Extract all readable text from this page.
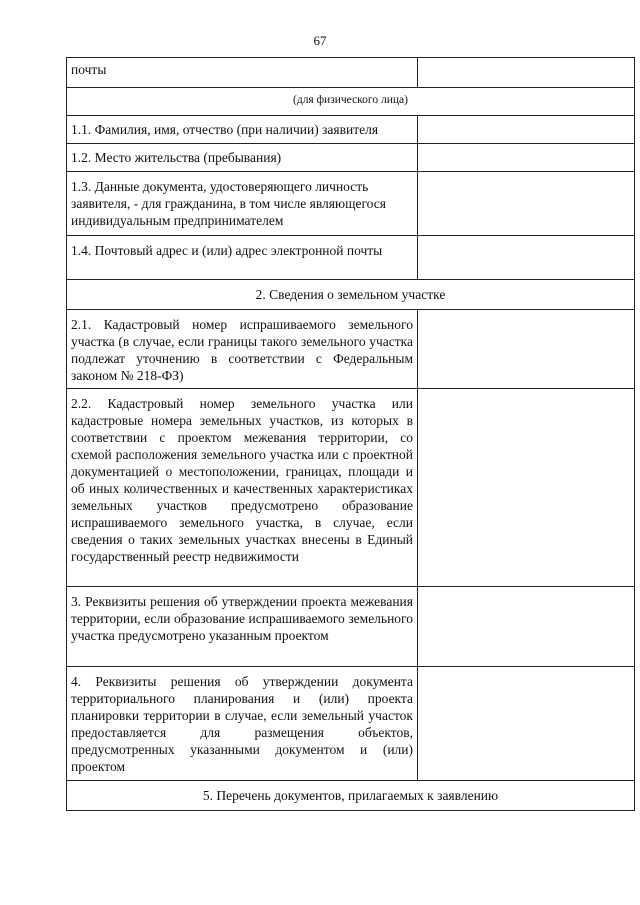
67
почты
(для физического лица)
1.1. Фамилия, имя, отчество (при наличии) заявителя
1.2. Место жительства (пребывания)
1.3. Данные документа, удостоверяющего личность заявителя, - для гражданина, в том числе являющегося индивидуальным предпринимателем
1.4. Почтовый адрес и (или) адрес электронной почты
2. Сведения о земельном участке
2.1. Кадастровый номер испрашиваемого земельного участка (в случае, если границы такого земельного участка подлежат уточнению в соответствии с Федеральным законом № 218-ФЗ)
2.2. Кадастровый номер земельного участка или кадастровые номера земельных участков, из которых в соответствии с проектом межевания территории, со схемой расположения земельного участка или с проектной документацией о местоположении, границах, площади и об иных количественных и качественных характеристиках земельных участков предусмотрено образование испрашиваемого земельного участка, в случае, если сведения о таких земельных участках внесены в Единый государственный реестр недвижимости
3. Реквизиты решения об утверждении проекта межевания территории, если образование испрашиваемого земельного участка предусмотрено указанным проектом
4. Реквизиты решения об утверждении документа территориального планирования и (или) проекта планировки территории в случае, если земельный участок предоставляется для размещения объектов, предусмотренных указанными документом и (или) проектом
5. Перечень документов, прилагаемых к заявлению
